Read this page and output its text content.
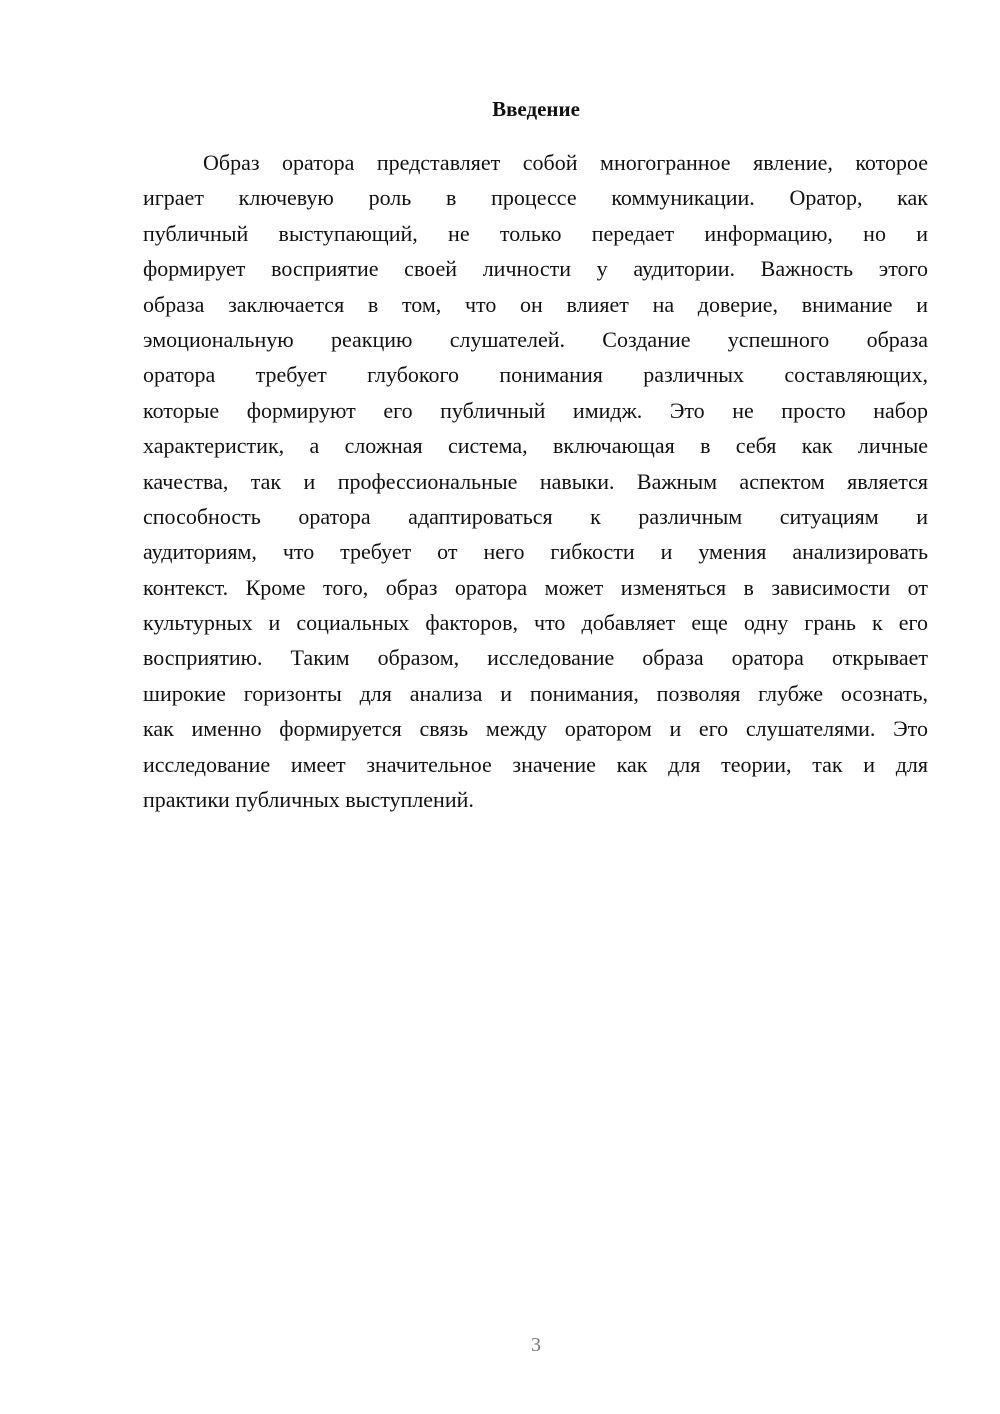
Введение
Образ оратора представляет собой многогранное явление, которое
играет ключевую роль в процессе коммуникации. Оратор, как
публичный выступающий, не только передает информацию, но и
формирует восприятие своей личности у аудитории. Важность этого
образа заключается в том, что он влияет на доверие, внимание и
эмоциональную реакцию слушателей. Создание успешного образа
оратора требует глубокого понимания различных составляющих,
которые формируют его публичный имидж. Это не просто набор
характеристик, а сложная система, включающая в себя как личные
качества, так и профессиональные навыки. Важным аспектом является
способность оратора адаптироваться к различным ситуациям и
аудиториям, что требует от него гибкости и умения анализировать
контекст. Кроме того, образ оратора может изменяться в зависимости от
культурных и социальных факторов, что добавляет еще одну грань к его
восприятию. Таким образом, исследование образа оратора открывает
широкие горизонты для анализа и понимания, позволяя глубже осознать,
как именно формируется связь между оратором и его слушателями. Это
исследование имеет значительное значение как для теории, так и для
практики публичных выступлений.
3
